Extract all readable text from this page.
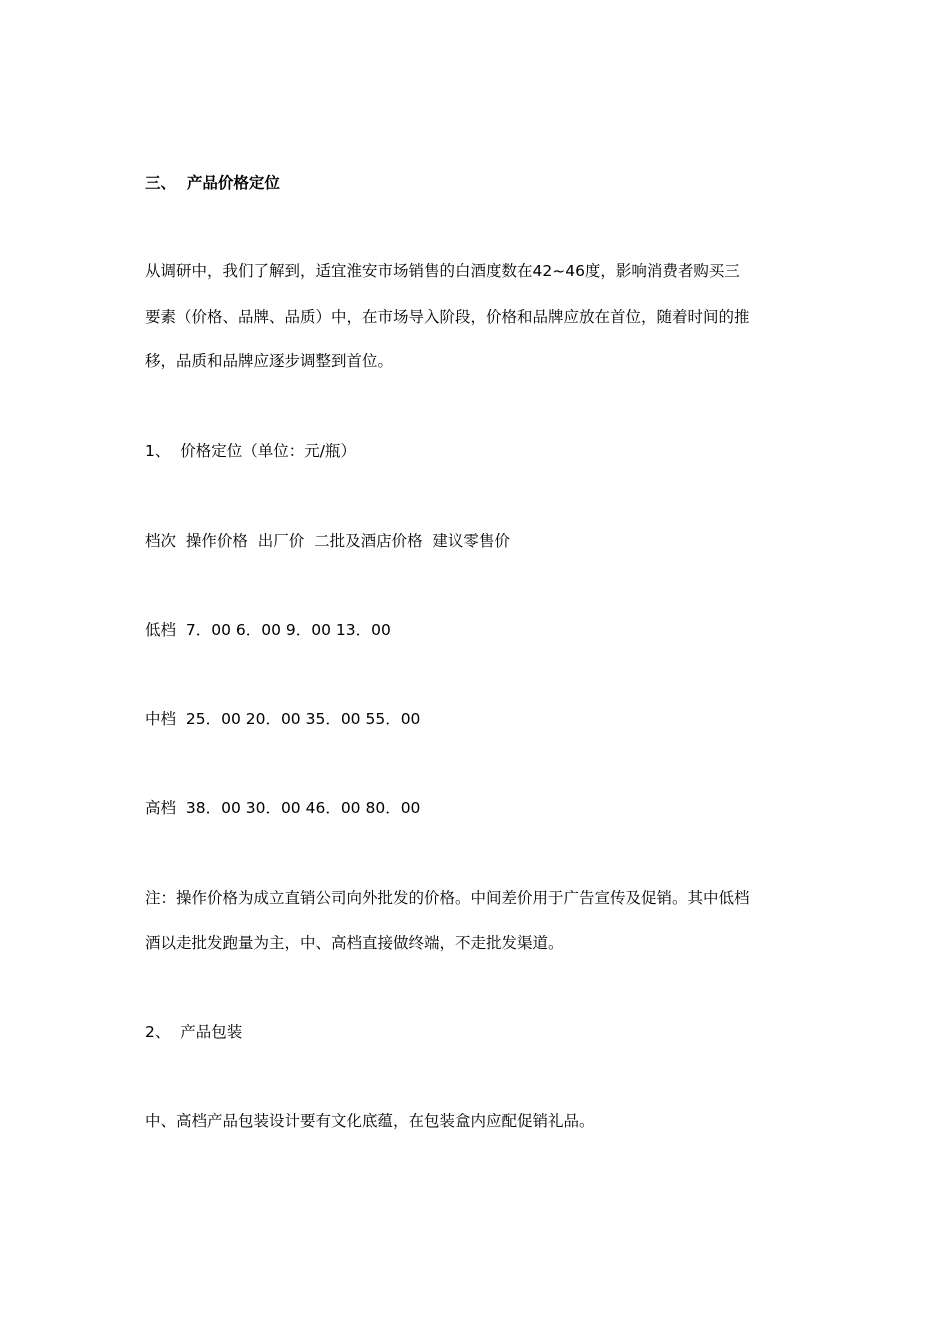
三、 产品价格定位

从调研中，我们了解到，适宜淮安市场销售的白酒度数在42~46度，影响消费者购买三

要素（价格、品牌、品质）中，在市场导入阶段，价格和品牌应放在首位，随着时间的推

移，品质和品牌应逐步调整到首位。

1、 价格定位（单位：元/瓶）

档次  操作价格  出厂价  二批及酒店价格  建议零售价

低档  7．00 6．00 9．00 13．00

中档  25．00 20．00 35．00 55．00

高档  38．00 30．00 46．00 80．00

注：操作价格为成立直销公司向外批发的价格。中间差价用于广告宣传及促销。其中低档

酒以走批发跑量为主，中、高档直接做终端，不走批发渠道。

2、 产品包装

中、高档产品包装设计要有文化底蕴，在包装盒内应配促销礼品。
